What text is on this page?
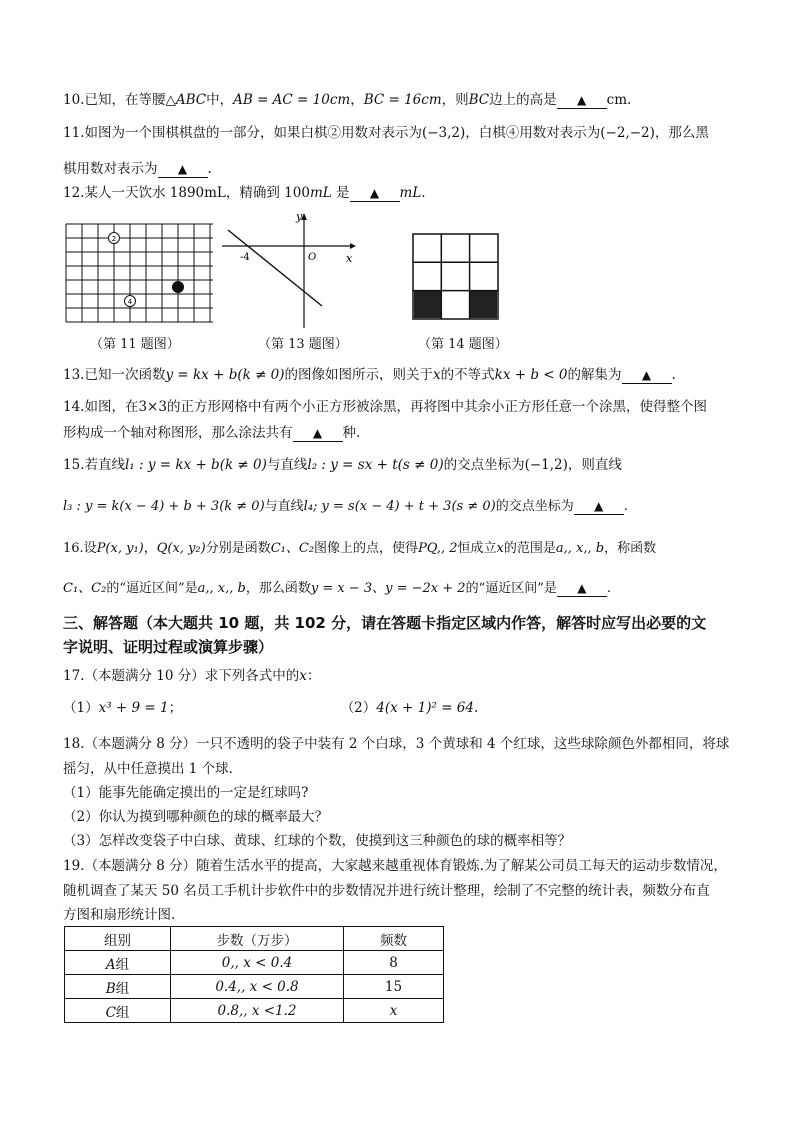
10.已知，在等腰△ABC中，AB = AC = 10cm，BC = 16cm，则BC边上的高是 ▲ cm.
11.如图为一个围棋棋盘的一部分，如果白棋②用数对表示为(−3,2)，白棋④用数对表示为(−2,−2)，那么黑
棋用数对表示为 ▲ .
12.某人一天饮水 1890mL，精确到 100mL 是 ▲ mL.
2
4
（第 11 题图）
y
x
O
-4
（第 13 题图）	（第 14 题图）
13.已知一次函数y = kx + b(k ≠ 0)的图像如图所示，则关于x的不等式kx + b < 0的解集为 ▲ .
14.如图，在3×3的正方形网格中有两个小正方形被涂黑，再将图中其余小正方形任意一个涂黑，使得整个图
形构成一个轴对称图形，那么涂法共有 ▲ 种.
15.若直线l₁ : y = kx + b(k ≠ 0)与直线l₂ : y = sx + t(s ≠ 0)的交点坐标为(−1,2)，则直线
l₃ : y = k(x − 4) + b + 3(k ≠ 0)与直线l₄; y = s(x − 4) + t + 3(s ≠ 0)的交点坐标为 ▲ .
16.设P(x, y₁)，Q(x, y₂)分别是函数C₁、C₂图像上的点，使得PQ,, 2恒成立x的范围是a,, x,, b，称函数
C₁、C₂的“逼近区间”是a,, x,, b，那么函数y = x − 3、y = −2x + 2的“逼近区间”是 ▲ .
三、解答题（本大题共 10 题，共 102 分，请在答题卡指定区域内作答，解答时应写出必要的文
字说明、证明过程或演算步骤）
17.（本题满分 10 分）求下列各式中的x：
（1）x³ + 9 = 1；	（2）4(x + 1)² = 64.
18.（本题满分 8 分）一只不透明的袋子中装有 2 个白球，3 个黄球和 4 个红球，这些球除颜色外都相同，将球
摇匀，从中任意摸出 1 个球.
（1）能事先能确定摸出的一定是红球吗?
（2）你认为摸到哪种颜色的球的概率最大？
（3）怎样改变袋子中白球、黄球、红球的个数，使摸到这三种颜色的球的概率相等？
19.（本题满分 8 分）随着生活水平的提高，大家越来越重视体育锻炼.为了解某公司员工每天的运动步数情况，
随机调查了某天 50 名员工手机计步软件中的步数情况并进行统计整理，绘制了不完整的统计表，频数分布直
方图和扇形统计图.
组别	步数（万步）	频数
A组	0,, x < 0.4	8
B组	0.4,, x < 0.8	15
C组	0.8,, x <1.2	x
